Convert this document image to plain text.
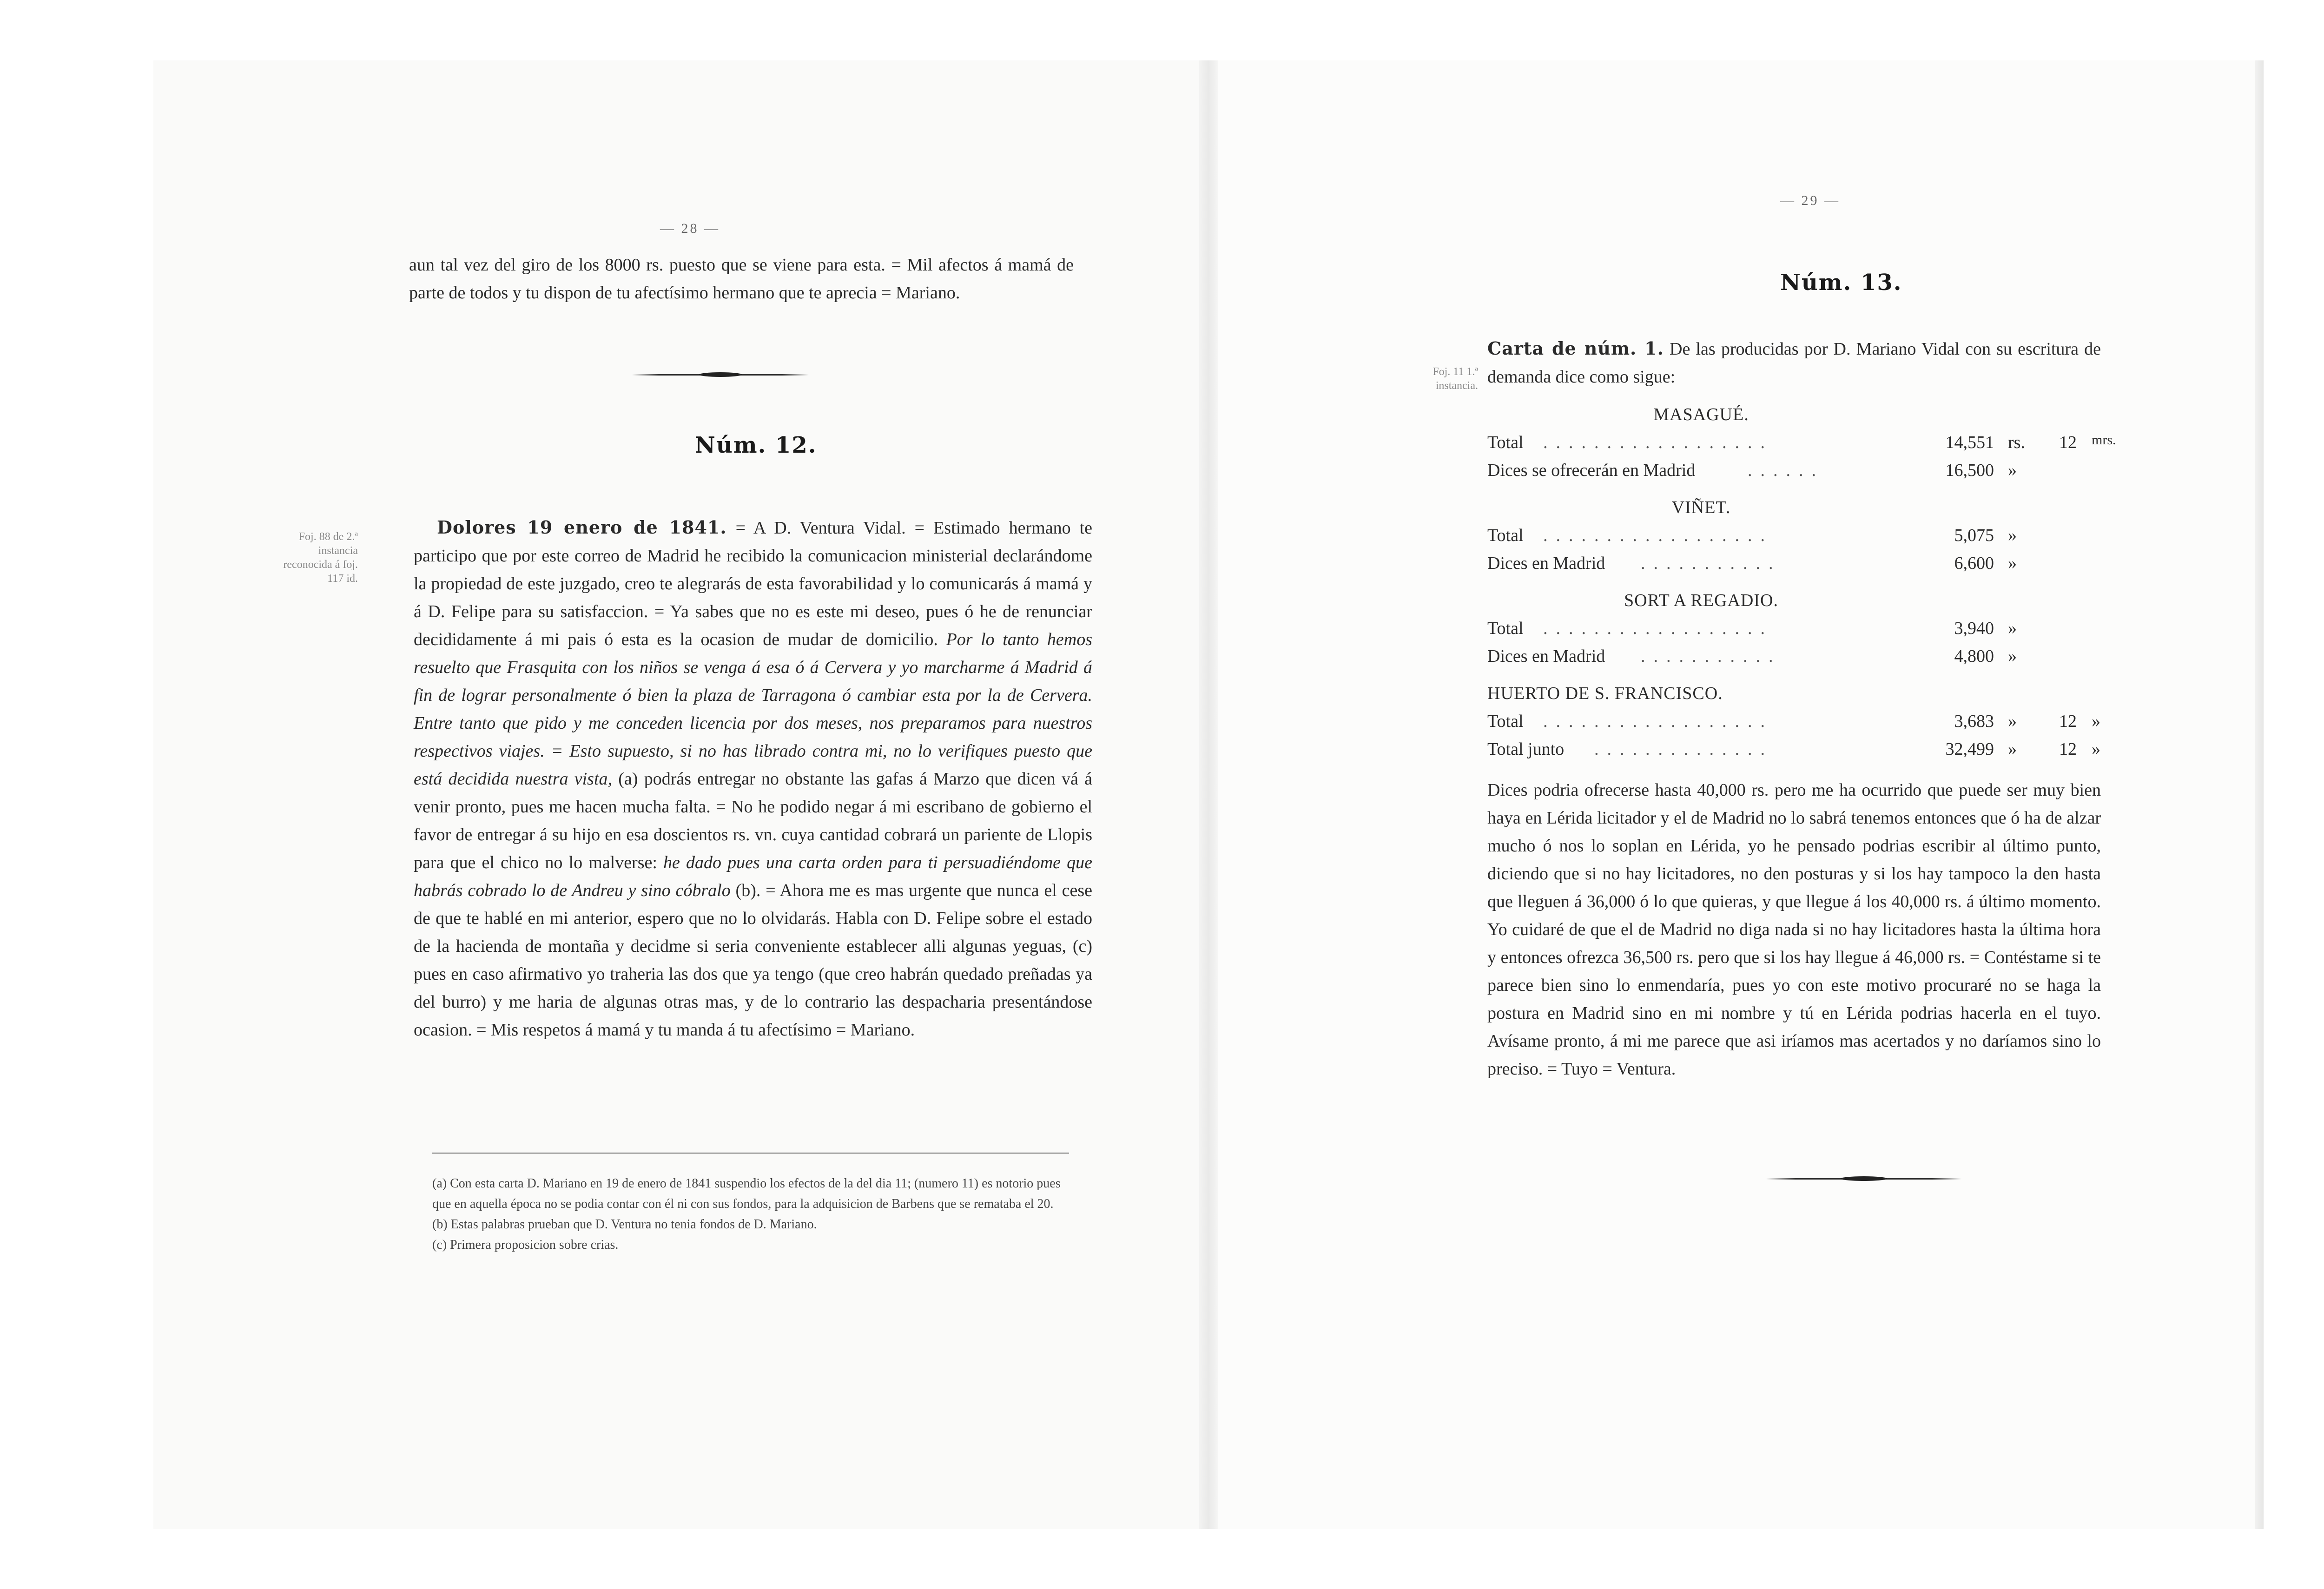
— 28 —

aun tal vez del giro de los 8000 rs. puesto que se viene para esta. = Mil afectos á mamá de parte de todos y tu dispon de tu afectísimo hermano que te aprecia = Mariano.

Núm. 12.
Foj. 88 de 2.ª instancia reconocida á foj. 117 id.

Dolores 19 enero de 1841. = A D. Ventura Vidal. = Estimado hermano te participo que por este correo de Madrid he recibido la comunicacion ministerial declarándome la propiedad de este juzgado, creo te alegrarás de esta favorabilidad y lo comunicarás á mamá y á D. Felipe para su satisfaccion. = Ya sabes que no es este mi deseo, pues ó he de renunciar decididamente á mi pais ó esta es la ocasion de mudar de domicilio. Por lo tanto hemos resuelto que Frasquita con los niños se venga á esa ó á Cervera y yo marcharme á Madrid á fin de lograr personalmente ó bien la plaza de Tarragona ó cambiar esta por la de Cervera. Entre tanto que pido y me conceden licencia por dos meses, nos preparamos para nuestros respectivos viajes. = Esto supuesto, si no has librado contra mi, no lo verifiques puesto que está decidida nuestra vista, (a) podrás entregar no obstante las gafas á Marzo que dicen vá á venir pronto, pues me hacen mucha falta. = No he podido negar á mi escribano de gobierno el favor de entregar á su hijo en esa doscientos rs. vn. cuya cantidad cobrará un pariente de Llopis para que el chico no lo malverse: he dado pues una carta orden para ti persuadiéndome que habrás cobrado lo de Andreu y sino cóbralo (b). = Ahora me es mas urgente que nunca el cese de que te hablé en mi anterior, espero que no lo olvidarás. Habla con D. Felipe sobre el estado de la hacienda de montaña y decidme si seria conveniente establecer alli algunas yeguas, (c) pues en caso afirmativo yo traheria las dos que ya tengo (que creo habrán quedado preñadas ya del burro) y me haria de algunas otras mas, y de lo contrario las despacharia presentándose ocasion. = Mis respetos á mamá y tu manda á tu afectísimo = Mariano.

(a) Con esta carta D. Mariano en 19 de enero de 1841 suspendio los efectos de la del dia 11; (numero 11) es notorio pues que en aquella época no se podia contar con él ni con sus fondos, para la adquisicion de Barbens que se remataba el 20.

(b) Estas palabras prueban que D. Ventura no tenia fondos de D. Mariano.

(c) Primera proposicion sobre crias.

— 29 —
Núm. 13.
Foj. 11 1.ª instancia.

Carta de núm. 1. De las producidas por D. Mariano Vidal con su escritura de demanda dice como sigue:

MASAGUÉ.
Total ..................	14,551 rs. 12 mrs.
Dices se ofrecerán en Madrid	......	16,500 »
VIÑET.
Total ..................	5,075 »
Dices en Madrid ...........	6,600 »
SORT A REGADIO.
Total ..................	3,940 »
Dices en Madrid ...........	4,800 »
HUERTO DE S. FRANCISCO.
Total ..................	3,683 » 12 »
Total junto ..............	32,499 » 12 »

Dices podria ofrecerse hasta 40,000 rs. pero me ha ocurrido que puede ser muy bien haya en Lérida licitador y el de Madrid no lo sabrá tenemos entonces que ó ha de alzar mucho ó nos lo soplan en Lérida, yo he pensado podrias escribir al último punto, diciendo que si no hay licitadores, no den posturas y si los hay tampoco la den hasta que lleguen á 36,000 ó lo que quieras, y que llegue á los 40,000 rs. á último momento. Yo cuidaré de que el de Madrid no diga nada si no hay licitadores hasta la última hora y entonces ofrezca 36,500 rs. pero que si los hay llegue á 46,000 rs. = Contéstame si te parece bien sino lo enmendaría, pues yo con este motivo procuraré no se haga la postura en Madrid sino en mi nombre y tú en Lérida podrias hacerla en el tuyo. Avísame pronto, á mi me parece que asi iríamos mas acertados y no daríamos sino lo preciso. = Tuyo = Ventura.
